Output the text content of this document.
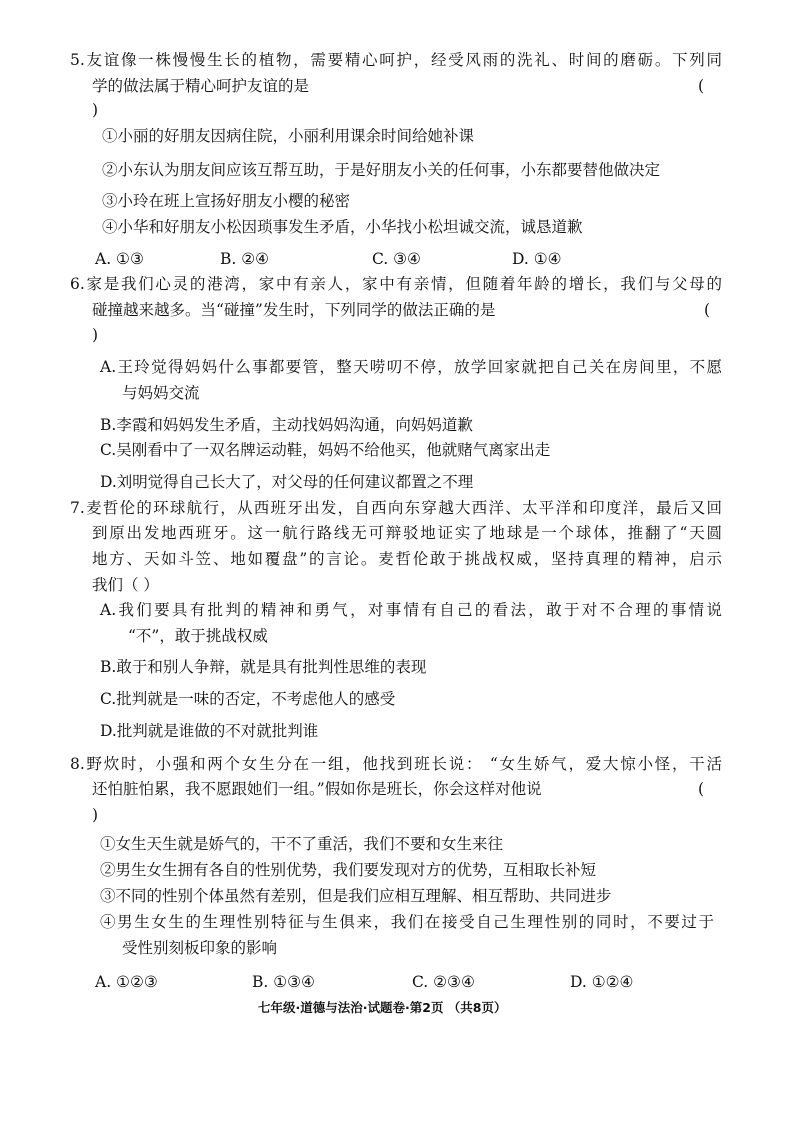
5.友谊像一株慢慢生长的植物，需要精心呵护，经受风雨的洗礼、时间的磨砺。下列同
学的做法属于精心呵护友谊的是	(
)
①小丽的好朋友因病住院，小丽利用课余时间给她补课
②小东认为朋友间应该互帮互助，于是好朋友小关的任何事，小东都要替他做决定
③小玲在班上宣扬好朋友小樱的秘密
④小华和好朋友小松因琐事发生矛盾，小华找小松坦诚交流，诚恳道歉
A. ①③	B. ②④	C. ③④	D. ①④
6.家是我们心灵的港湾，家中有亲人，家中有亲情，但随着年龄的增长，我们与父母的
碰撞越来越多。当“碰撞”发生时，下列同学的做法正确的是	(
)
A.王玲觉得妈妈什么事都要管，整天唠叨不停，放学回家就把自己关在房间里，不愿
与妈妈交流
B.李霞和妈妈发生矛盾，主动找妈妈沟通，向妈妈道歉
C.吴刚看中了一双名牌运动鞋，妈妈不给他买，他就赌气离家出走
D.刘明觉得自己长大了，对父母的任何建议都置之不理
7.麦哲伦的环球航行，从西班牙出发，自西向东穿越大西洋、太平洋和印度洋，最后又回
到原出发地西班牙。这一航行路线无可辩驳地证实了地球是一个球体，推翻了“天圆
地方、天如斗笠、地如覆盘”的言论。麦哲伦敢于挑战权威，坚持真理的精神，启示
我们（ ）
A.我们要具有批判的精神和勇气，对事情有自己的看法，敢于对不合理的事情说
“不”，敢于挑战权威
B.敢于和别人争辩，就是具有批判性思维的表现
C.批判就是一味的否定，不考虑他人的感受
D.批判就是谁做的不对就批判谁
8.野炊时，小强和两个女生分在一组，他找到班长说： “女生娇气，爱大惊小怪，干活
还怕脏怕累，我不愿跟她们一组。”假如你是班长，你会这样对他说	(
)
①女生天生就是娇气的，干不了重活，我们不要和女生来往
②男生女生拥有各自的性别优势，我们要发现对方的优势，互相取长补短
③不同的性别个体虽然有差别，但是我们应相互理解、相互帮助、共同进步
④男生女生的生理性别特征与生俱来，我们在接受自己生理性别的同时，不要过于
受性别刻板印象的影响
A. ①②③	B. ①③④	C. ②③④	D. ①②④
七年级·道德与法治·试题卷·第2页 （共8页）
